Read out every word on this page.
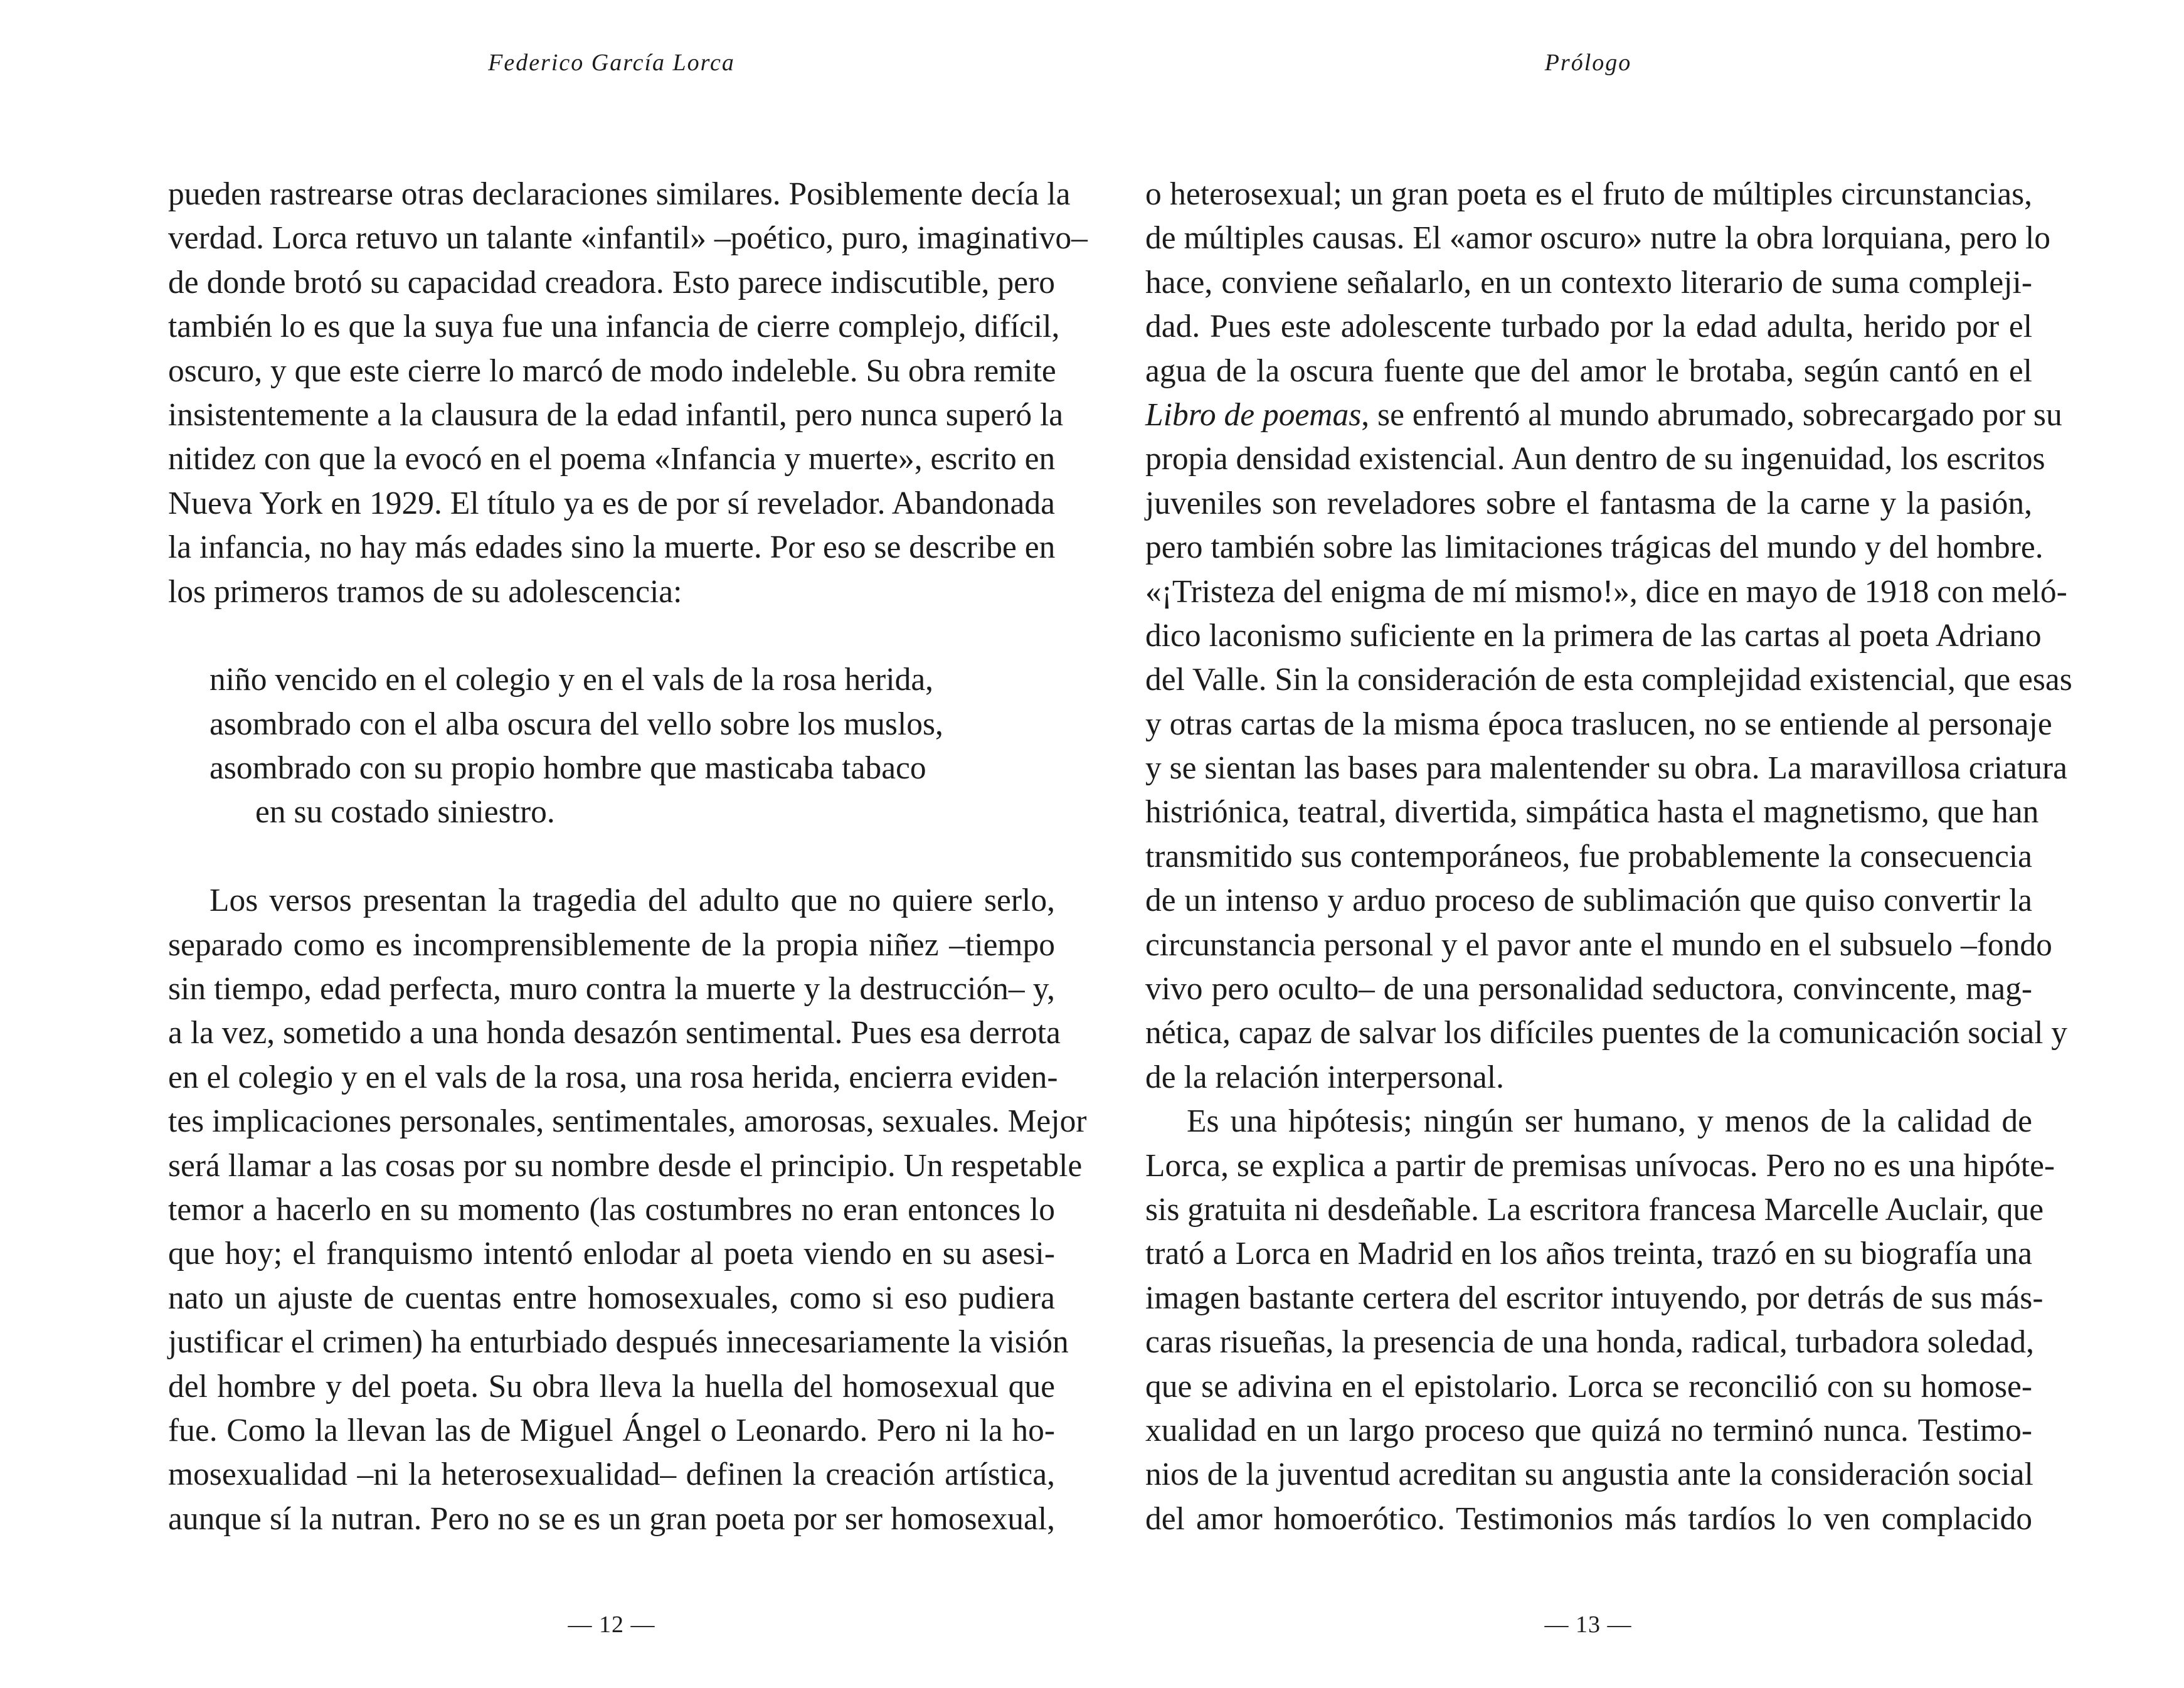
Federico García Lorca
pueden rastrearse otras declaraciones similares. Posiblemente decía la
verdad. Lorca retuvo un talante «infantil» –poético, puro, imaginativo–
de donde brotó su capacidad creadora. Esto parece indiscutible, pero
también lo es que la suya fue una infancia de cierre complejo, difícil,
oscuro, y que este cierre lo marcó de modo indeleble. Su obra remite
insistentemente a la clausura de la edad infantil, pero nunca superó la
nitidez con que la evocó en el poema «Infancia y muerte», escrito en
Nueva York en 1929. El título ya es de por sí revelador. Abandonada
la infancia, no hay más edades sino la muerte. Por eso se describe en
los primeros tramos de su adolescencia:
niño vencido en el colegio y en el vals de la rosa herida,
asombrado con el alba oscura del vello sobre los muslos,
asombrado con su propio hombre que masticaba tabaco
en su costado siniestro.
Los versos presentan la tragedia del adulto que no quiere serlo,
separado como es incomprensiblemente de la propia niñez –tiempo
sin tiempo, edad perfecta, muro contra la muerte y la destrucción– y,
a la vez, sometido a una honda desazón sentimental. Pues esa derrota
en el colegio y en el vals de la rosa, una rosa herida, encierra eviden-
tes implicaciones personales, sentimentales, amorosas, sexuales. Mejor
será llamar a las cosas por su nombre desde el principio. Un respetable
temor a hacerlo en su momento (las costumbres no eran entonces lo
que hoy; el franquismo intentó enlodar al poeta viendo en su asesi-
nato un ajuste de cuentas entre homosexuales, como si eso pudiera
justificar el crimen) ha enturbiado después innecesariamente la visión
del hombre y del poeta. Su obra lleva la huella del homosexual que
fue. Como la llevan las de Miguel Ángel o Leonardo. Pero ni la ho-
mosexualidad –ni la heterosexualidad– definen la creación artística,
aunque sí la nutran. Pero no se es un gran poeta por ser homosexual,
— 12 —
Prólogo
o heterosexual; un gran poeta es el fruto de múltiples circunstancias,
de múltiples causas. El «amor oscuro» nutre la obra lorquiana, pero lo
hace, conviene señalarlo, en un contexto literario de suma compleji-
dad. Pues este adolescente turbado por la edad adulta, herido por el
agua de la oscura fuente que del amor le brotaba, según cantó en el
Libro de poemas, se enfrentó al mundo abrumado, sobrecargado por su
propia densidad existencial. Aun dentro de su ingenuidad, los escritos
juveniles son reveladores sobre el fantasma de la carne y la pasión,
pero también sobre las limitaciones trágicas del mundo y del hombre.
«¡Tristeza del enigma de mí mismo!», dice en mayo de 1918 con meló-
dico laconismo suficiente en la primera de las cartas al poeta Adriano
del Valle. Sin la consideración de esta complejidad existencial, que esas
y otras cartas de la misma época traslucen, no se entiende al personaje
y se sientan las bases para malentender su obra. La maravillosa criatura
histriónica, teatral, divertida, simpática hasta el magnetismo, que han
transmitido sus contemporáneos, fue probablemente la consecuencia
de un intenso y arduo proceso de sublimación que quiso convertir la
circunstancia personal y el pavor ante el mundo en el subsuelo –fondo
vivo pero oculto– de una personalidad seductora, convincente, mag-
nética, capaz de salvar los difíciles puentes de la comunicación social y
de la relación interpersonal.
Es una hipótesis; ningún ser humano, y menos de la calidad de
Lorca, se explica a partir de premisas unívocas. Pero no es una hipóte-
sis gratuita ni desdeñable. La escritora francesa Marcelle Auclair, que
trató a Lorca en Madrid en los años treinta, trazó en su biografía una
imagen bastante certera del escritor intuyendo, por detrás de sus más-
caras risueñas, la presencia de una honda, radical, turbadora soledad,
que se adivina en el epistolario. Lorca se reconcilió con su homose-
xualidad en un largo proceso que quizá no terminó nunca. Testimo-
nios de la juventud acreditan su angustia ante la consideración social
del amor homoerótico. Testimonios más tardíos lo ven complacido
— 13 —
